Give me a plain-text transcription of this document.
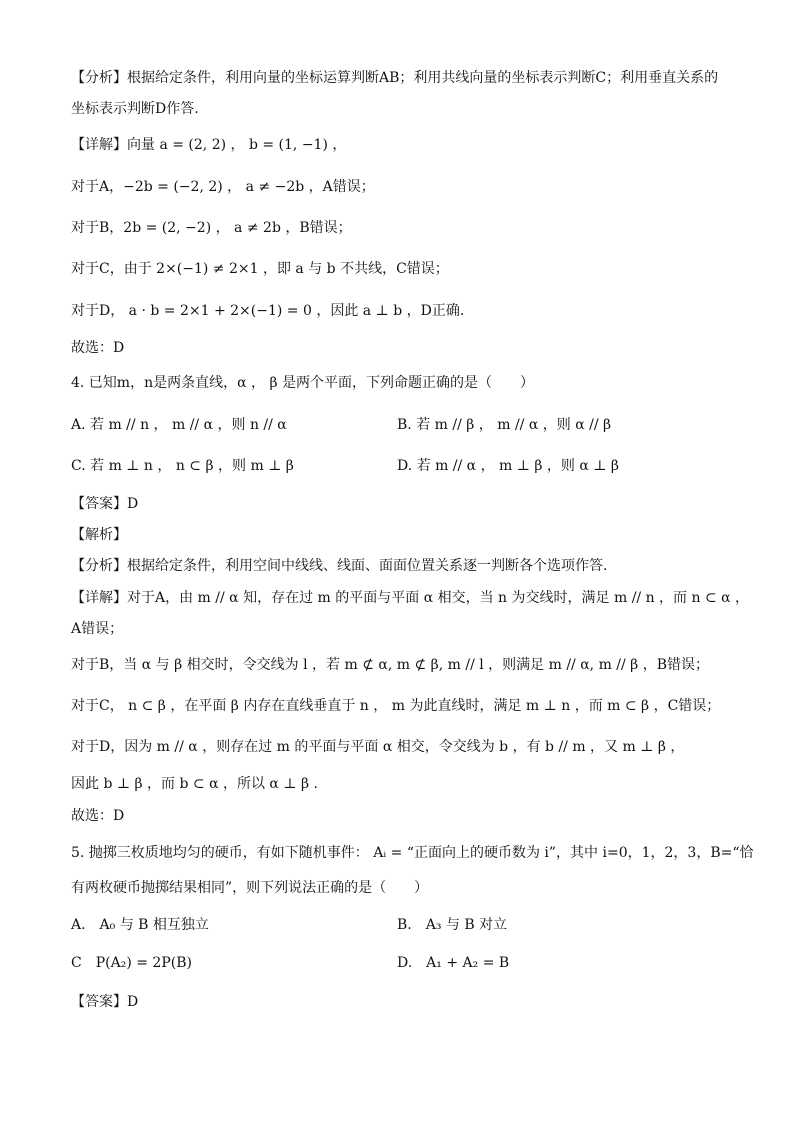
【分析】根据给定条件，利用向量的坐标运算判断AB；利用共线向量的坐标表示判断C；利用垂直关系的
坐标表示判断D作答.
【详解】向量 a = (2, 2) ， b = (1, −1) ，
对于A，−2b = (−2, 2) ， a ≠ −2b ，A错误；
对于B，2b = (2, −2) ， a ≠ 2b ，B错误；
对于C，由于 2×(−1) ≠ 2×1 ，即 a 与 b 不共线，C错误；
对于D， a · b = 2×1 + 2×(−1) = 0 ，因此 a ⊥ b ，D正确.
故选：D
4. 已知m，n是两条直线，α ， β 是两个平面，下列命题正确的是（　　）
A. 若 m // n ， m // α ，则 n // α	B. 若 m // β ， m // α ，则 α // β
C. 若 m ⊥ n ， n ⊂ β ，则 m ⊥ β	D. 若 m // α ， m ⊥ β ，则 α ⊥ β
【答案】D
【解析】
【分析】根据给定条件，利用空间中线线、线面、面面位置关系逐一判断各个选项作答.
【详解】对于A，由 m // α 知，存在过 m 的平面与平面 α 相交，当 n 为交线时，满足 m // n ，而 n ⊂ α ，
A错误；
对于B，当 α 与 β 相交时，令交线为 l ，若 m ⊄ α, m ⊄ β, m // l ，则满足 m // α, m // β ，B错误；
对于C， n ⊂ β ，在平面 β 内存在直线垂直于 n ， m 为此直线时，满足 m ⊥ n ，而 m ⊂ β ，C错误；
对于D，因为 m // α ，则存在过 m 的平面与平面 α 相交，令交线为 b ，有 b // m ，又 m ⊥ β ，
因此 b ⊥ β ，而 b ⊂ α ，所以 α ⊥ β .
故选：D
5. 抛掷三枚质地均匀的硬币，有如下随机事件： Aᵢ = “正面向上的硬币数为 i”，其中 i=0，1，2，3，B=“恰
有两枚硬币抛掷结果相同”，则下列说法正确的是（　　）
A.　A₀ 与 B 相互独立	B.　A₃ 与 B 对立
C　P(A₂) = 2P(B)	D.　A₁ + A₂ = B
【答案】D
